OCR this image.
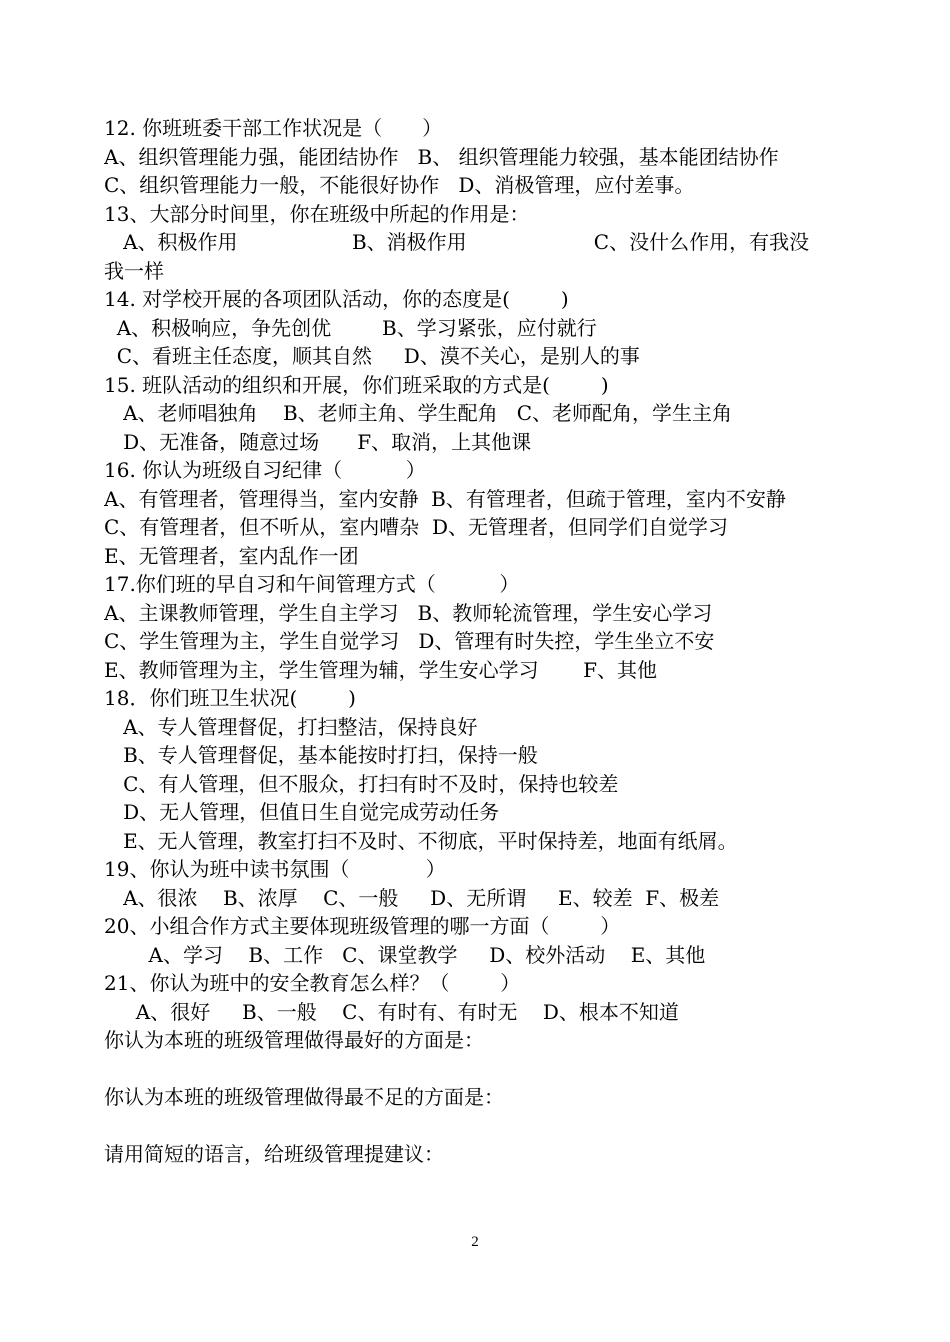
12. 你班班委干部工作状况是（　　）
A、组织管理能力强，能团结协作   B、 组织管理能力较强，基本能团结协作
C、组织管理能力一般，不能很好协作   D、消极管理，应付差事。
13、大部分时间里，你在班级中所起的作用是：
A、积极作用                  B、消极作用                    C、没什么作用，有我没
我一样
14. 对学校开展的各项团队活动，你的态度是(        )
A、积极响应，争先创优        B、学习紧张，应付就行
C、看班主任态度，顺其自然     D、漠不关心，是别人的事
15. 班队活动的组织和开展，你们班采取的方式是(        )
A、老师唱独角    B、老师主角、学生配角   C、老师配角，学生主角
D、无准备，随意过场      F、取消，上其他课
16. 你认为班级自习纪律（          ）
A、有管理者，管理得当，室内安静  B、有管理者，但疏于管理，室内不安静
C、有管理者，但不听从，室内嘈杂  D、无管理者，但同学们自觉学习
E、无管理者，室内乱作一团
17.你们班的早自习和午间管理方式（          ）
A、主课教师管理，学生自主学习   B、教师轮流管理，学生安心学习
C、学生管理为主，学生自觉学习   D、管理有时失控，学生坐立不安
E、教师管理为主，学生管理为辅，学生安心学习       F、其他
18．你们班卫生状况(        )
A、专人管理督促，打扫整洁，保持良好
B、专人管理督促，基本能按时打扫，保持一般
C、有人管理，但不服众，打扫有时不及时，保持也较差
D、无人管理，但值日生自觉完成劳动任务
E、无人管理，教室打扫不及时、不彻底，平时保持差，地面有纸屑。
19、你认为班中读书氛围（            ）
A、很浓    B、浓厚    C、一般     D、无所谓     E、较差  F、极差
20、小组合作方式主要体现班级管理的哪一方面（        ）
A、学习    B、工作   C、课堂教学     D、校外活动    E、其他
21、你认为班中的安全教育怎么样？（        ）
A、很好     B、一般    C、有时有、有时无    D、根本不知道
你认为本班的班级管理做得最好的方面是：
你认为本班的班级管理做得最不足的方面是：
请用简短的语言，给班级管理提建议：
2
